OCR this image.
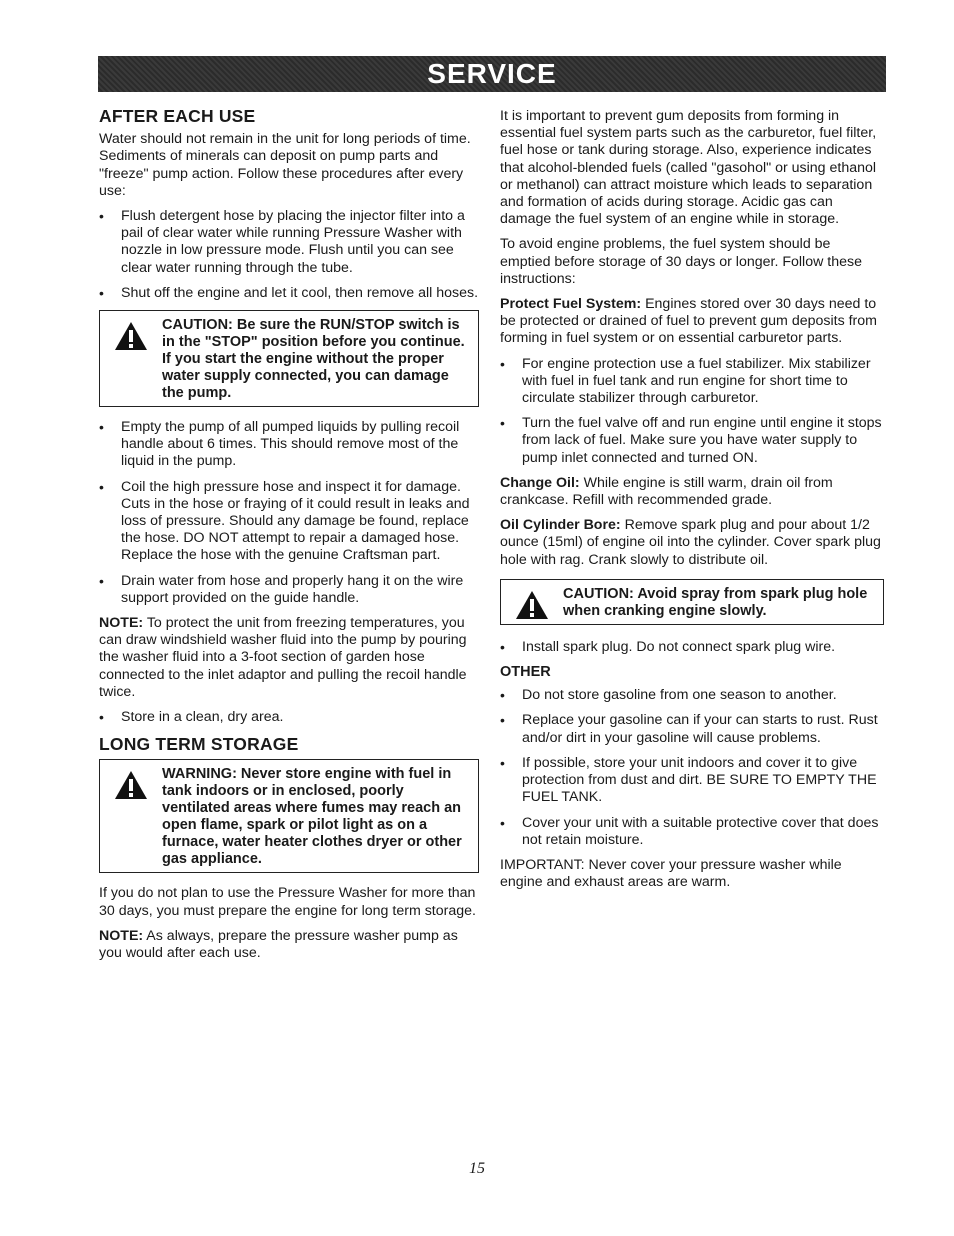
SERVICE
AFTER EACH USE

Water should not remain in the unit for long periods of time. Sediments of minerals can deposit on pump parts and "freeze" pump action. Follow these procedures after every use:

• Flush detergent hose by placing the injector filter into a pail of clear water while running Pressure Washer with nozzle in low pressure mode. Flush until you can see clear water running through the tube.
• Shut off the engine and let it cool, then remove all hoses.
CAUTION: Be sure the RUN/STOP switch is in the "STOP" position before you continue. If you start the engine without the proper water supply connected, you can damage the pump.
• Empty the pump of all pumped liquids by pulling recoil handle about 6 times. This should remove most of the liquid in the pump.
• Coil the high pressure hose and inspect it for damage. Cuts in the hose or fraying of it could result in leaks and loss of pressure. Should any damage be found, replace the hose. DO NOT attempt to repair a damaged hose. Replace the hose with the genuine Craftsman part.
• Drain water from hose and properly hang it on the wire support provided on the guide handle.

NOTE: To protect the unit from freezing temperatures, you can draw windshield washer fluid into the pump by pouring the washer fluid into a 3-foot section of garden hose connected to the inlet adaptor and pulling the recoil handle twice.

• Store in a clean, dry area.
LONG TERM STORAGE
WARNING: Never store engine with fuel in tank indoors or in enclosed, poorly ventilated areas where fumes may reach an open flame, spark or pilot light as on a furnace, water heater clothes dryer or other gas appliance.

If you do not plan to use the Pressure Washer for more than 30 days, you must prepare the engine for long term storage.

NOTE: As always, prepare the pressure washer pump as you would after each use.

It is important to prevent gum deposits from forming in essential fuel system parts such as the carburetor, fuel filter, fuel hose or tank during storage. Also, experience indicates that alcohol-blended fuels (called "gasohol" or using ethanol or methanol) can attract moisture which leads to separation and formation of acids during storage. Acidic gas can damage the fuel system of an engine while in storage.

To avoid engine problems, the fuel system should be emptied before storage of 30 days or longer. Follow these instructions:

Protect Fuel System: Engines stored over 30 days need to be protected or drained of fuel to prevent gum deposits from forming in fuel system or on essential carburetor parts.

• For engine protection use a fuel stabilizer. Mix stabilizer with fuel in fuel tank and run engine for short time to circulate stabilizer through carburetor.
• Turn the fuel valve off and run engine until engine it stops from lack of fuel. Make sure you have water supply to pump inlet connected and turned ON.

Change Oil: While engine is still warm, drain oil from crankcase. Refill with recommended grade.

Oil Cylinder Bore: Remove spark plug and pour about 1/2 ounce (15ml) of engine oil into the cylinder. Cover spark plug hole with rag. Crank slowly to distribute oil.

CAUTION: Avoid spray from spark plug hole when cranking engine slowly.
• Install spark plug. Do not connect spark plug wire.
OTHER
• Do not store gasoline from one season to another.
• Replace your gasoline can if your can starts to rust. Rust and/or dirt in your gasoline will cause problems.
• If possible, store your unit indoors and cover it to give protection from dust and dirt. BE SURE TO EMPTY THE FUEL TANK.
• Cover your unit with a suitable protective cover that does not retain moisture.

IMPORTANT: Never cover your pressure washer while engine and exhaust areas are warm.

15
